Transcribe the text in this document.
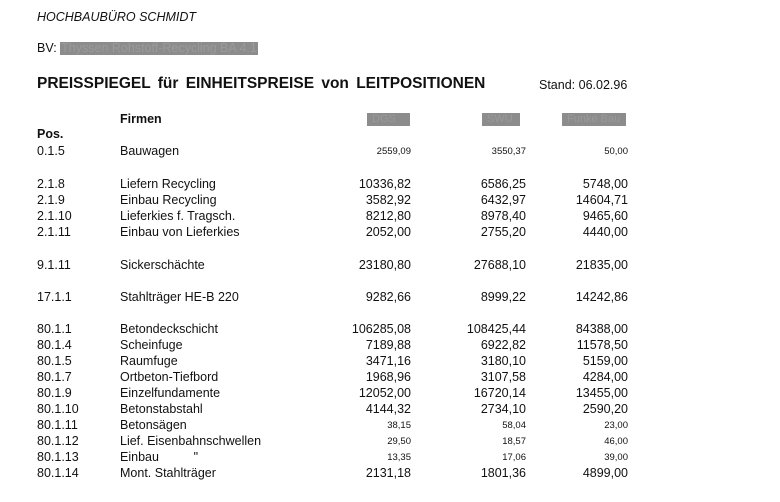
HOCHBAUBÜRO SCHMIDT
BV: Thyssen Rohstoff-Recycling BA 4.1
PREISSPIEGEL für EINHEITSPREISE von LEITPOSITIONEN	Stand: 06.02.96
Firmen
Pos.
DGS	SWU	Funke Bau
0.1.5	Bauwagen	2559,09	3550,37	50,00
2.1.8	Liefern Recycling	10336,82	6586,25	5748,00
2.1.9	Einbau Recycling	3582,92	6432,97	14604,71
2.1.10	Lieferkies f. Tragsch.	8212,80	8978,40	9465,60
2.1.11	Einbau von Lieferkies	2052,00	2755,20	4440,00
9.1.11	Sickerschächte	23180,80	27688,10	21835,00
17.1.1	Stahlträger HE-B 220	9282,66	8999,22	14242,86
80.1.1	Betondeckschicht	106285,08	108425,44	84388,00
80.1.4	Scheinfuge	7189,88	6922,82	11578,50
80.1.5	Raumfuge	3471,16	3180,10	5159,00
80.1.7	Ortbeton-Tiefbord	1968,96	3107,58	4284,00
80.1.9	Einzelfundamente	12052,00	16720,14	13455,00
80.1.10	Betonstabstahl	4144,32	2734,10	2590,20
80.1.11	Betonsägen	38,15	58,04	23,00
80.1.12	Lief. Eisenbahnschwellen	29,50	18,57	46,00
80.1.13	Einbau          "	13,35	17,06	39,00
80.1.14	Mont. Stahlträger	2131,18	1801,36	4899,00
